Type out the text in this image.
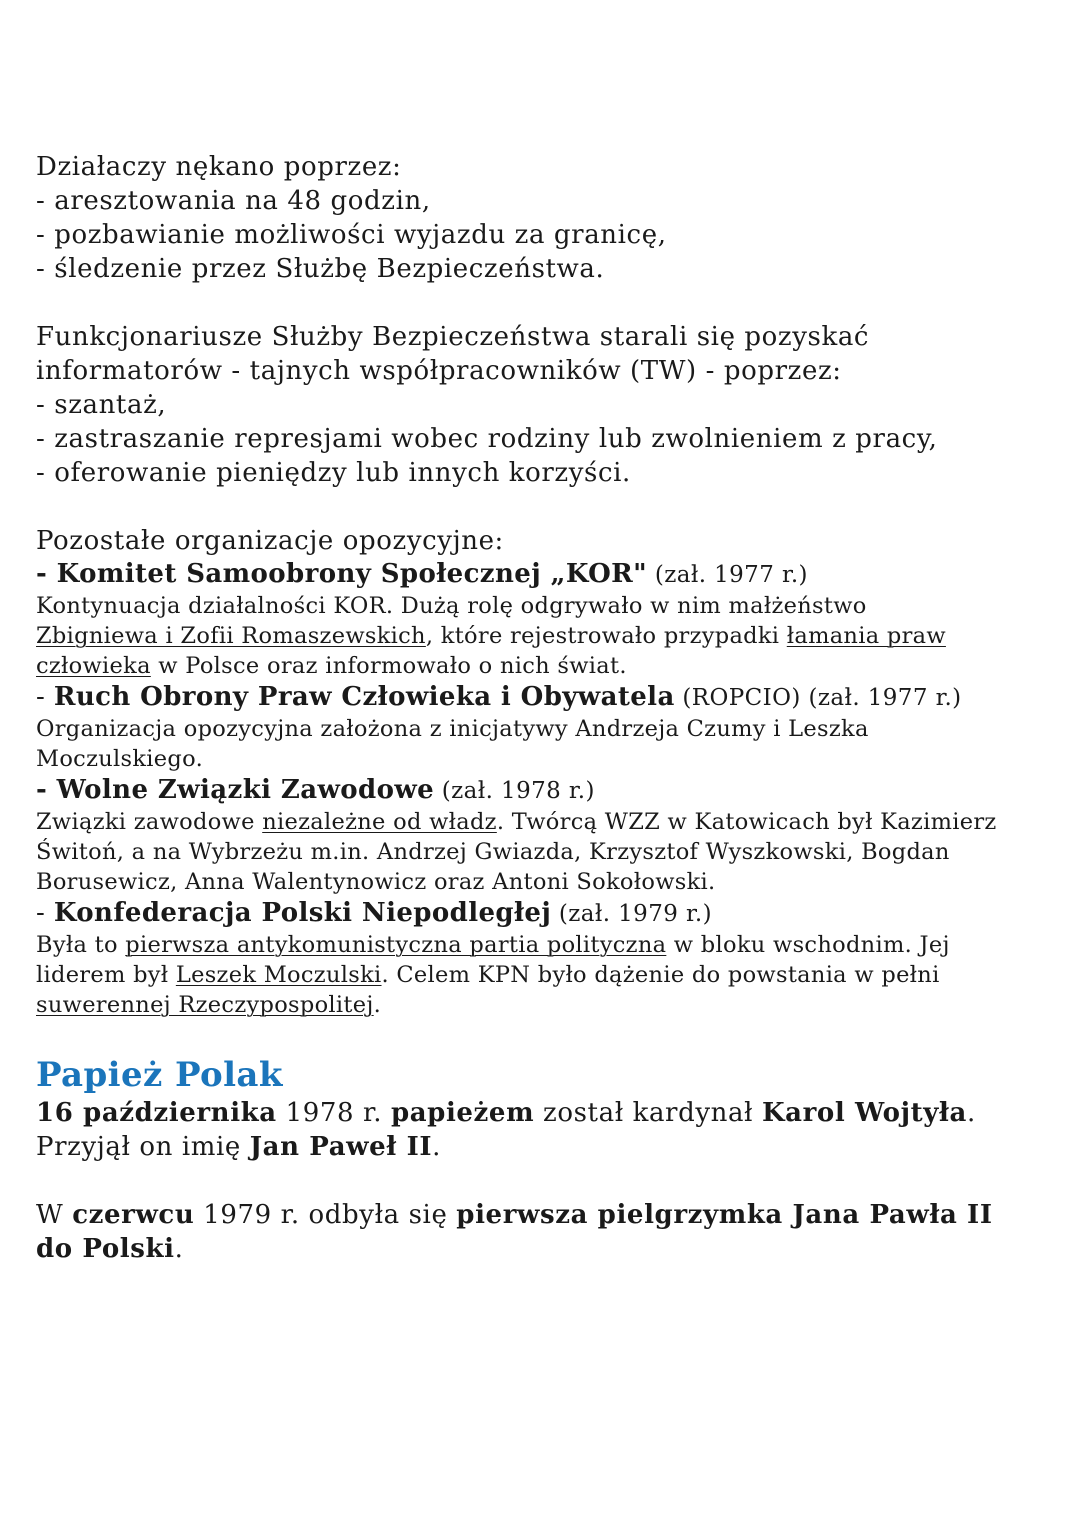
Działaczy nękano poprzez:
- aresztowania na 48 godzin,
- pozbawianie możliwości wyjazdu za granicę,
- śledzenie przez Służbę Bezpieczeństwa.
Funkcjonariusze Służby Bezpieczeństwa starali się pozyskać
informatorów - tajnych współpracowników (TW) - poprzez:
- szantaż,
- zastraszanie represjami wobec rodziny lub zwolnieniem z pracy,
- oferowanie pieniędzy lub innych korzyści.
Pozostałe organizacje opozycyjne:
- Komitet Samoobrony Społecznej „KOR" (zał. 1977 r.)
Kontynuacja działalności KOR. Dużą rolę odgrywało w nim małżeństwo
Zbigniewa i Zofii Romaszewskich, które rejestrowało przypadki łamania praw
człowieka w Polsce oraz informowało o nich świat.
- Ruch Obrony Praw Człowieka i Obywatela (ROPCIO) (zał. 1977 r.)
Organizacja opozycyjna założona z inicjatywy Andrzeja Czumy i Leszka
Moczulskiego.
- Wolne Związki Zawodowe (zał. 1978 r.)
Związki zawodowe niezależne od władz. Twórcą WZZ w Katowicach był Kazimierz
Świtoń, a na Wybrzeżu m.in. Andrzej Gwiazda, Krzysztof Wyszkowski, Bogdan
Borusewicz, Anna Walentynowicz oraz Antoni Sokołowski.
- Konfederacja Polski Niepodległej (zał. 1979 r.)
Była to pierwsza antykomunistyczna partia polityczna w bloku wschodnim. Jej
liderem był Leszek Moczulski. Celem KPN było dążenie do powstania w pełni
suwerennej Rzeczypospolitej.
Papież Polak
16 października 1978 r. papieżem został kardynał Karol Wojtyła.
Przyjął on imię Jan Paweł II.
W czerwcu 1979 r. odbyła się pierwsza pielgrzymka Jana Pawła II
do Polski.
